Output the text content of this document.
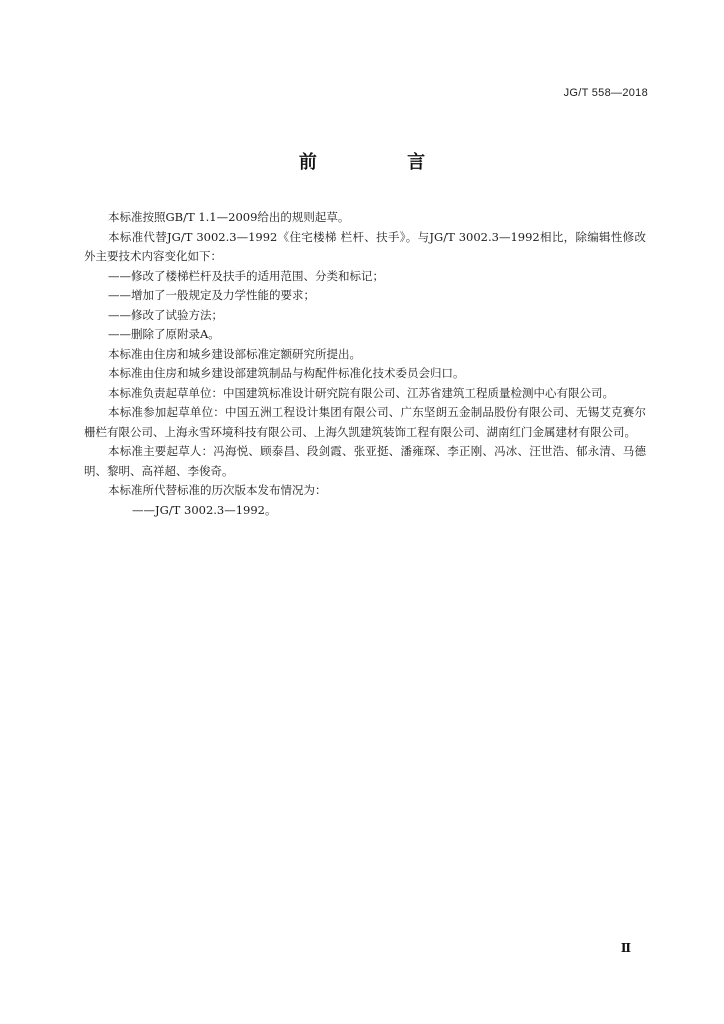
JG/T 558—2018

前 言

本标准按照GB/T 1.1—2009给出的规则起草。

本标准代替JG/T 3002.3—1992《住宅楼梯 栏杆、扶手》。与JG/T 3002.3—1992相比，除编辑性修改外主要技术内容变化如下：

——修改了楼梯栏杆及扶手的适用范围、分类和标记；

——增加了一般规定及力学性能的要求；

——修改了试验方法；

——删除了原附录A。

本标准由住房和城乡建设部标准定额研究所提出。

本标准由住房和城乡建设部建筑制品与构配件标准化技术委员会归口。

本标准负责起草单位：中国建筑标准设计研究院有限公司、江苏省建筑工程质量检测中心有限公司。

本标准参加起草单位：中国五洲工程设计集团有限公司、广东坚朗五金制品股份有限公司、无锡艾克赛尔栅栏有限公司、上海永雪环境科技有限公司、上海久凯建筑装饰工程有限公司、湖南红门金属建材有限公司。

本标准主要起草人：冯海悦、顾泰昌、段剑霞、张亚挺、潘雍琛、李正刚、冯冰、汪世浩、郁永清、马德明、黎明、高祥超、李俊奇。

本标准所代替标准的历次版本发布情况为：

——JG/T 3002.3—1992。

Ⅱ
